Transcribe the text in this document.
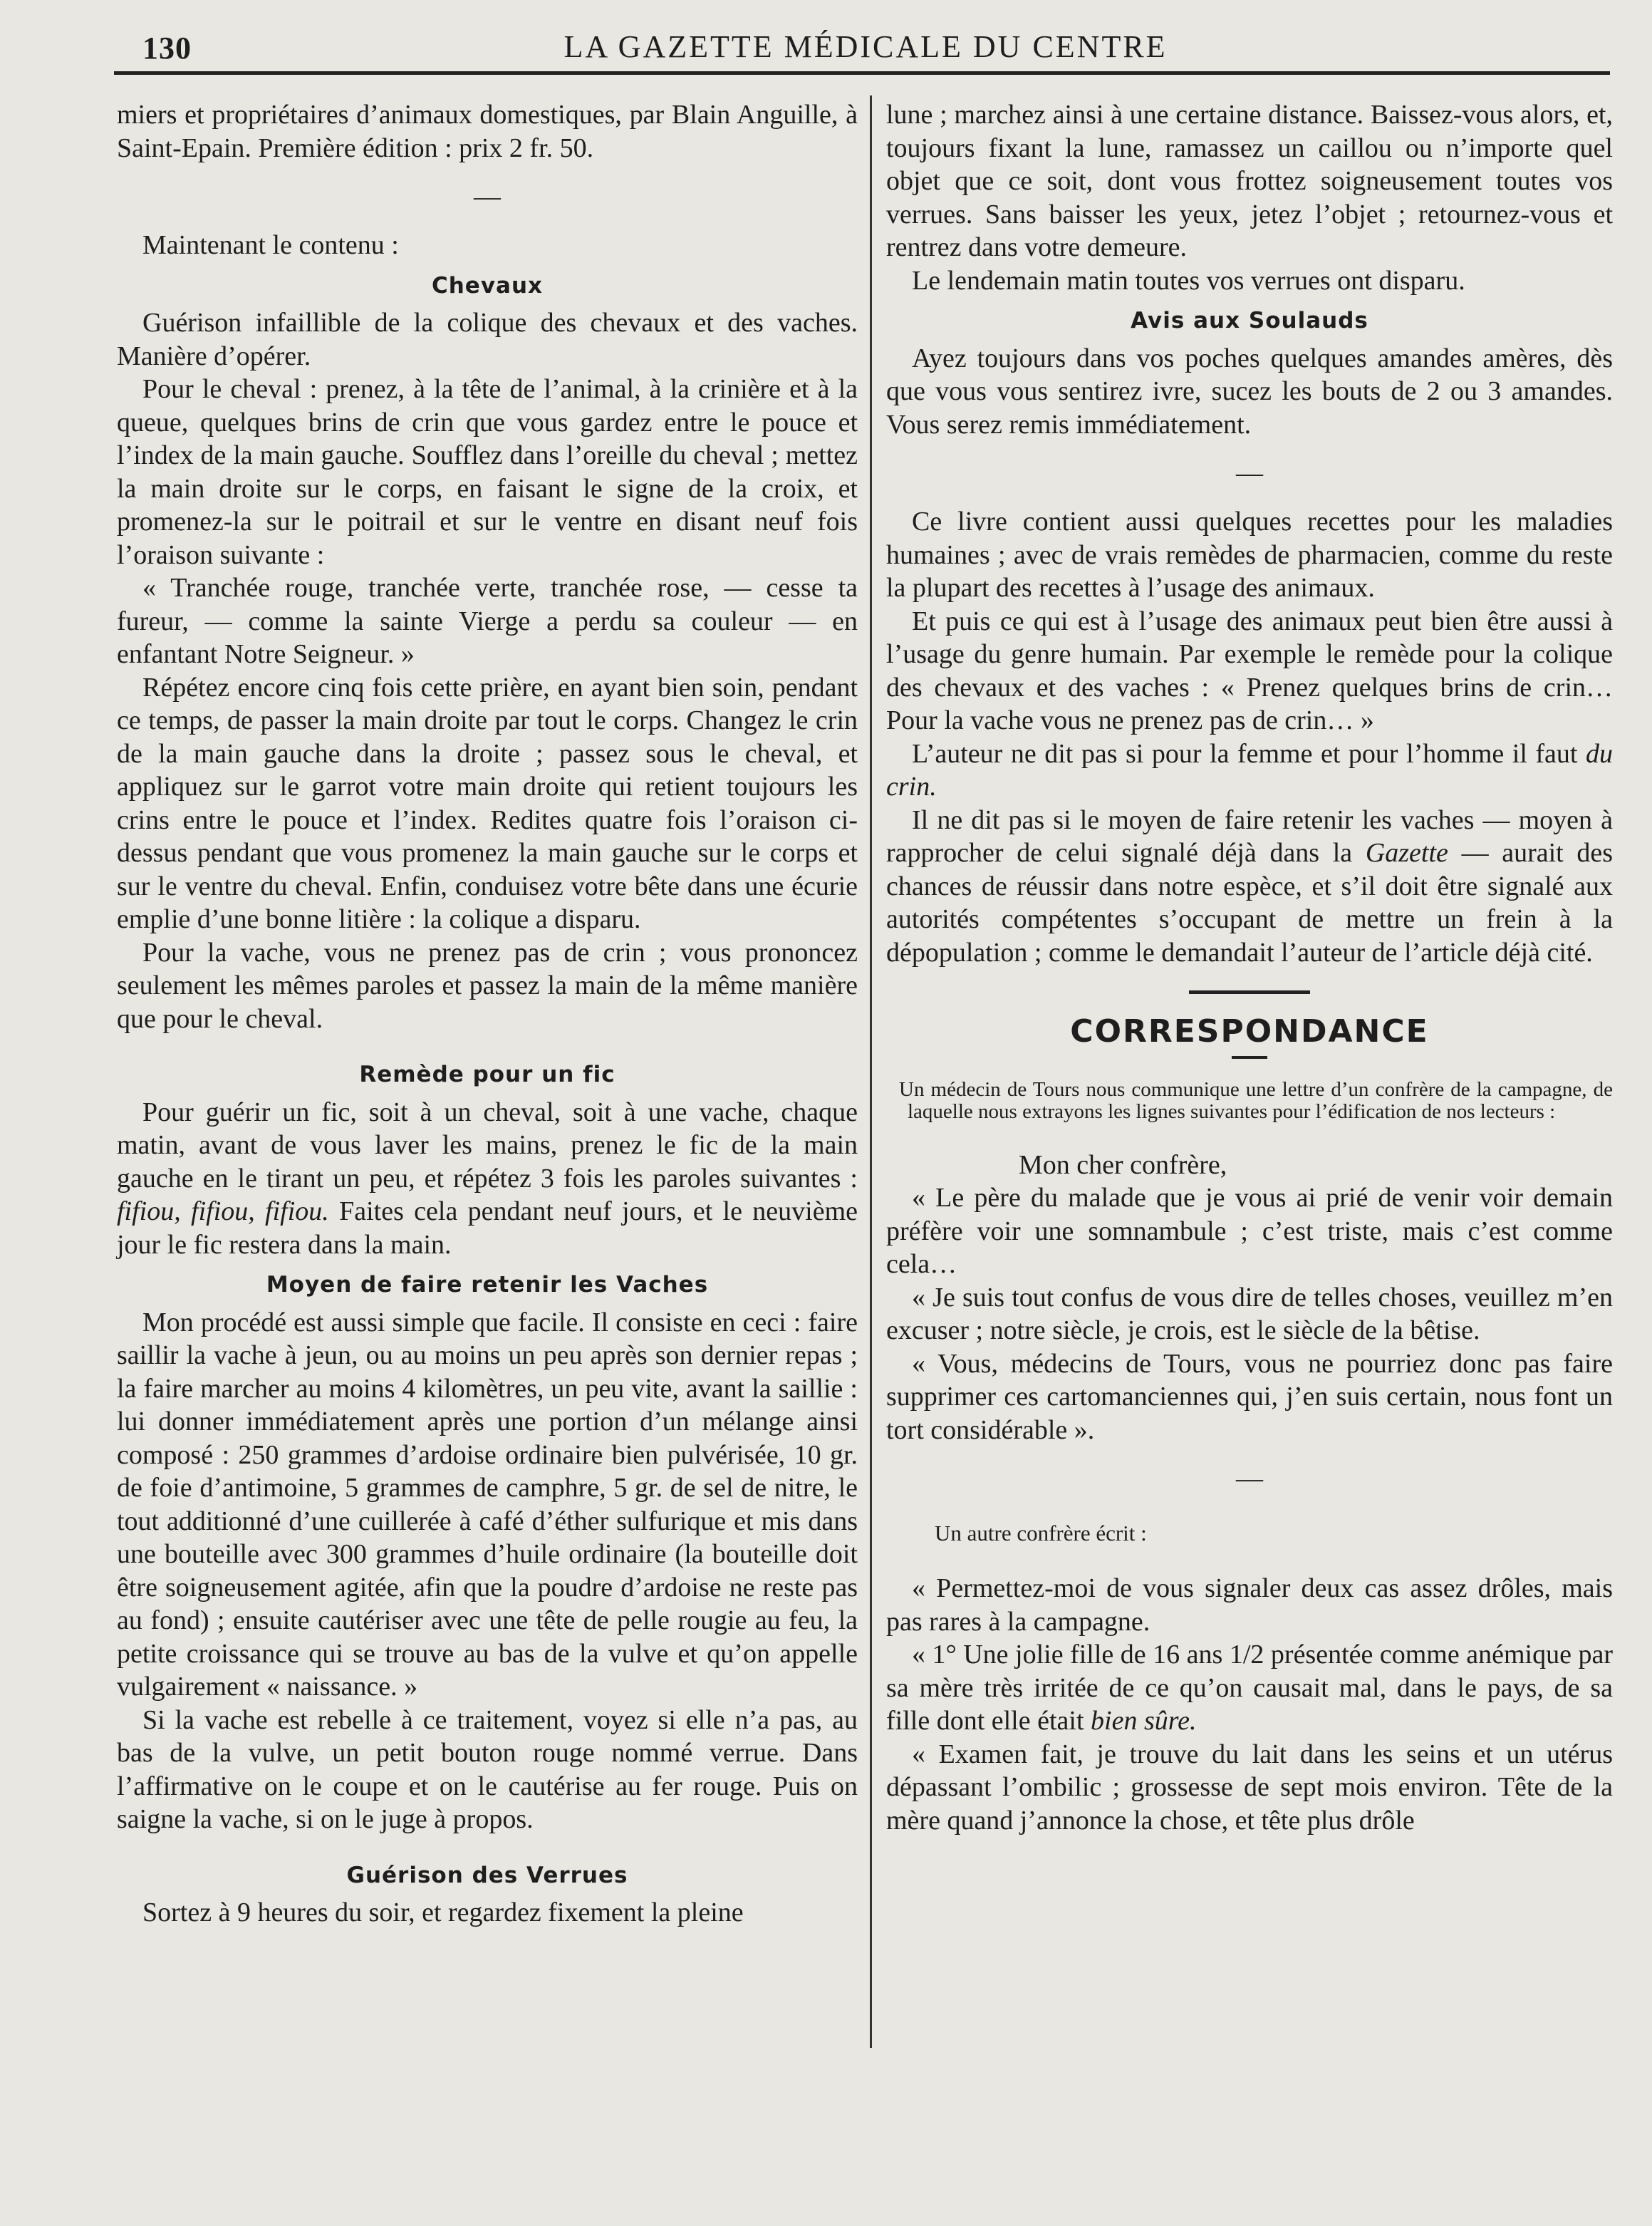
130	LA GAZETTE MÉDICALE DU CENTRE

miers et propriétaires d’animaux domestiques, par Blain Anguille, à Saint-Epain. Première édition : prix 2 fr. 50.

—

Maintenant le contenu :

Chevaux

Guérison infaillible de la colique des chevaux et des vaches. Manière d’opérer.

Pour le cheval : prenez, à la tête de l’animal, à la crinière et à la queue, quelques brins de crin que vous gardez entre le pouce et l’index de la main gauche. Soufflez dans l’oreille du cheval ; mettez la main droite sur le corps, en faisant le signe de la croix, et promenez-la sur le poitrail et sur le ventre en disant neuf fois l’oraison suivante :

« Tranchée rouge, tranchée verte, tranchée rose, — cesse ta fureur, — comme la sainte Vierge a perdu sa couleur — en enfantant Notre Seigneur. »

Répétez encore cinq fois cette prière, en ayant bien soin, pendant ce temps, de passer la main droite par tout le corps. Changez le crin de la main gauche dans la droite ; passez sous le cheval, et appliquez sur le garrot votre main droite qui retient toujours les crins entre le pouce et l’index. Redites quatre fois l’oraison ci-dessus pendant que vous promenez la main gauche sur le corps et sur le ventre du cheval. Enfin, conduisez votre bête dans une écurie emplie d’une bonne litière : la colique a disparu.

Pour la vache, vous ne prenez pas de crin ; vous prononcez seulement les mêmes paroles et passez la main de la même manière que pour le cheval.

Remède pour un fic

Pour guérir un fic, soit à un cheval, soit à une vache, chaque matin, avant de vous laver les mains, prenez le fic de la main gauche en le tirant un peu, et répétez 3 fois les paroles suivantes : fifiou, fifiou, fifiou. Faites cela pendant neuf jours, et le neuvième jour le fic restera dans la main.

Moyen de faire retenir les Vaches

Mon procédé est aussi simple que facile. Il consiste en ceci : faire saillir la vache à jeun, ou au moins un peu après son dernier repas ; la faire marcher au moins 4 kilomètres, un peu vite, avant la saillie : lui donner immédiatement après une portion d’un mélange ainsi composé : 250 grammes d’ardoise ordinaire bien pulvérisée, 10 gr. de foie d’antimoine, 5 grammes de camphre, 5 gr. de sel de nitre, le tout additionné d’une cuillerée à café d’éther sulfurique et mis dans une bouteille avec 300 grammes d’huile ordinaire (la bouteille doit être soigneusement agitée, afin que la poudre d’ardoise ne reste pas au fond) ; ensuite cautériser avec une tête de pelle rougie au feu, la petite croissance qui se trouve au bas de la vulve et qu’on appelle vulgairement « naissance. »

Si la vache est rebelle à ce traitement, voyez si elle n’a pas, au bas de la vulve, un petit bouton rouge nommé verrue. Dans l’affirmative on le coupe et on le cautérise au fer rouge. Puis on saigne la vache, si on le juge à propos.

Guérison des Verrues

Sortez à 9 heures du soir, et regardez fixement la pleine

lune ; marchez ainsi à une certaine distance. Baissez-vous alors, et, toujours fixant la lune, ramassez un caillou ou n’importe quel objet que ce soit, dont vous frottez soigneusement toutes vos verrues. Sans baisser les yeux, jetez l’objet ; retournez-vous et rentrez dans votre demeure.

Le lendemain matin toutes vos verrues ont disparu.

Avis aux Soulauds

Ayez toujours dans vos poches quelques amandes amères, dès que vous vous sentirez ivre, sucez les bouts de 2 ou 3 amandes. Vous serez remis immédiatement.

—

Ce livre contient aussi quelques recettes pour les maladies humaines ; avec de vrais remèdes de pharmacien, comme du reste la plupart des recettes à l’usage des animaux.

Et puis ce qui est à l’usage des animaux peut bien être aussi à l’usage du genre humain. Par exemple le remède pour la colique des chevaux et des vaches : « Prenez quelques brins de crin… Pour la vache vous ne prenez pas de crin… »

L’auteur ne dit pas si pour la femme et pour l’homme il faut du crin.

Il ne dit pas si le moyen de faire retenir les vaches — moyen à rapprocher de celui signalé déjà dans la Gazette — aurait des chances de réussir dans notre espèce, et s’il doit être signalé aux autorités compétentes s’occupant de mettre un frein à la dépopulation ; comme le demandait l’auteur de l’article déjà cité.

CORRESPONDANCE

Un médecin de Tours nous communique une lettre d’un confrère de la campagne, de laquelle nous extrayons les lignes suivantes pour l’édification de nos lecteurs :

Mon cher confrère,

« Le père du malade que je vous ai prié de venir voir demain préfère voir une somnambule ; c’est triste, mais c’est comme cela…

« Je suis tout confus de vous dire de telles choses, veuillez m’en excuser ; notre siècle, je crois, est le siècle de la bêtise.

« Vous, médecins de Tours, vous ne pourriez donc pas faire supprimer ces cartomanciennes qui, j’en suis certain, nous font un tort considérable ».

—

Un autre confrère écrit :

« Permettez-moi de vous signaler deux cas assez drôles, mais pas rares à la campagne.

« 1° Une jolie fille de 16 ans 1/2 présentée comme anémique par sa mère très irritée de ce qu’on causait mal, dans le pays, de sa fille dont elle était bien sûre.

« Examen fait, je trouve du lait dans les seins et un utérus dépassant l’ombilic ; grossesse de sept mois environ. Tête de la mère quand j’annonce la chose, et tête plus drôle
